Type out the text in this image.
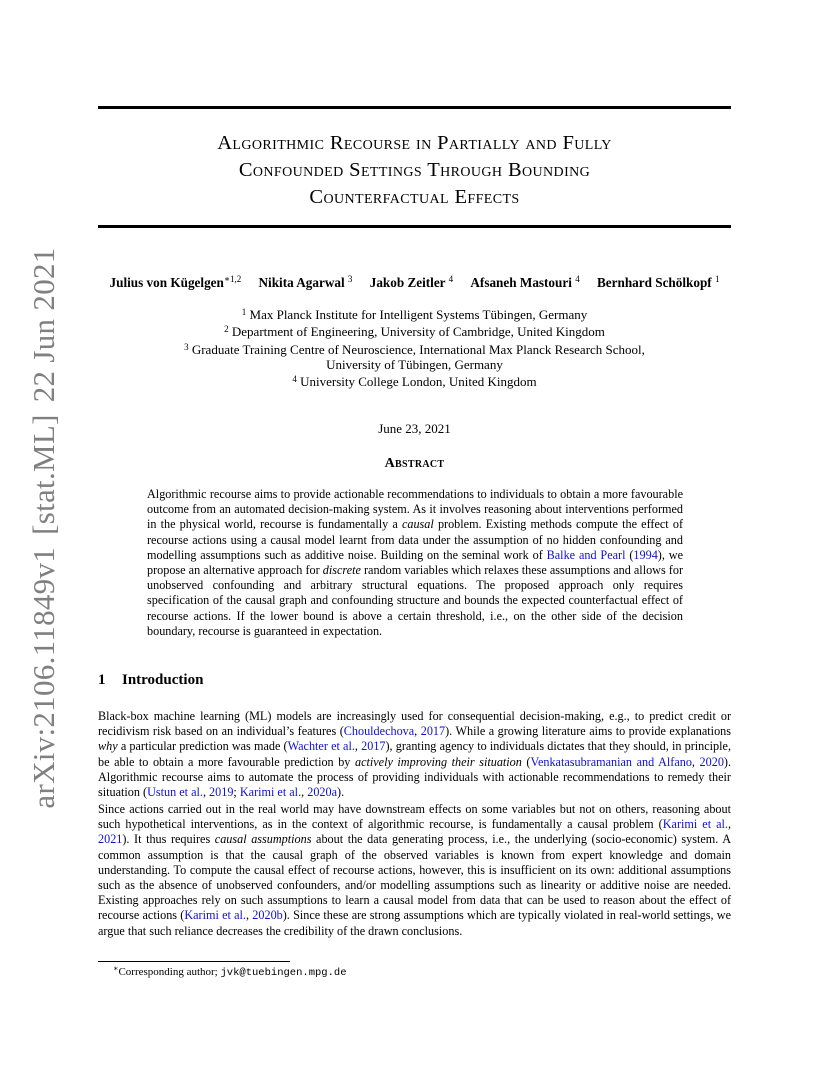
arXiv:2106.11849v1[stat.ML]22 Jun 2021
Algorithmic Recourse in Partially and Fully
Confounded Settings Through Bounding
Counterfactual Effects
Julius von Kügelgen$^{∗1,2}$ Nikita Agarwal $^3$ Jakob Zeitler $^4$ Afsaneh Mastouri $^4$ Bernhard Schölkopf $^1$
$^1$ Max Planck Institute for Intelligent Systems Tübingen, Germany
$^2$ Department of Engineering, University of Cambridge, United Kingdom
$^3$ Graduate Training Centre of Neuroscience, International Max Planck Research School,
University of Tübingen, Germany
$^4$ University College London, United Kingdom
June 23, 2021
Abstract
Algorithmic recourse aims to provide actionable recommendations to individuals to obtain a more favourable outcome from an automated decision-making system. As it involves reasoning about interventions performed in the physical world, recourse is fundamentally a causal problem. Existing methods compute the effect of recourse actions using a causal model learnt from data under the assumption of no hidden confounding and modelling assumptions such as additive noise. Building on the seminal work of Balke and Pearl (1994), we propose an alternative approach for discrete random variables which relaxes these assumptions and allows for unobserved confounding and arbitrary structural equations. The proposed approach only requires specification of the causal graph and confounding structure and bounds the expected counterfactual effect of recourse actions. If the lower bound is above a certain threshold, i.e., on the other side of the decision boundary, recourse is guaranteed in expectation.
1 Introduction
Black-box machine learning (ML) models are increasingly used for consequential decision-making, e.g., to predict credit or recidivism risk based on an individual’s features (Chouldechova, 2017). While a growing literature aims to provide explanations why a particular prediction was made (Wachter et al., 2017), granting agency to individuals dictates that they should, in principle, be able to obtain a more favourable prediction by actively improving their situation (Venkatasubramanian and Alfano, 2020). Algorithmic recourse aims to automate the process of providing individuals with actionable recommendations to remedy their situation (Ustun et al., 2019; Karimi et al., 2020a).
Since actions carried out in the real world may have downstream effects on some variables but not on others, reasoning about such hypothetical interventions, as in the context of algorithmic recourse, is fundamentally a causal problem (Karimi et al., 2021). It thus requires causal assumptions about the data generating process, i.e., the underlying (socio-economic) system. A common assumption is that the causal graph of the observed variables is known from expert knowledge and domain understanding. To compute the causal effect of recourse actions, however, this is insufficient on its own: additional assumptions such as the absence of unobserved confounders, and/or modelling assumptions such as linearity or additive noise are needed. Existing approaches rely on such assumptions to learn a causal model from data that can be used to reason about the effect of recourse actions (Karimi et al., 2020b). Since these are strong assumptions which are typically violated in real-world settings, we argue that such reliance decreases the credibility of the drawn conclusions.
∗Corresponding author; jvk@tuebingen.mpg.de
